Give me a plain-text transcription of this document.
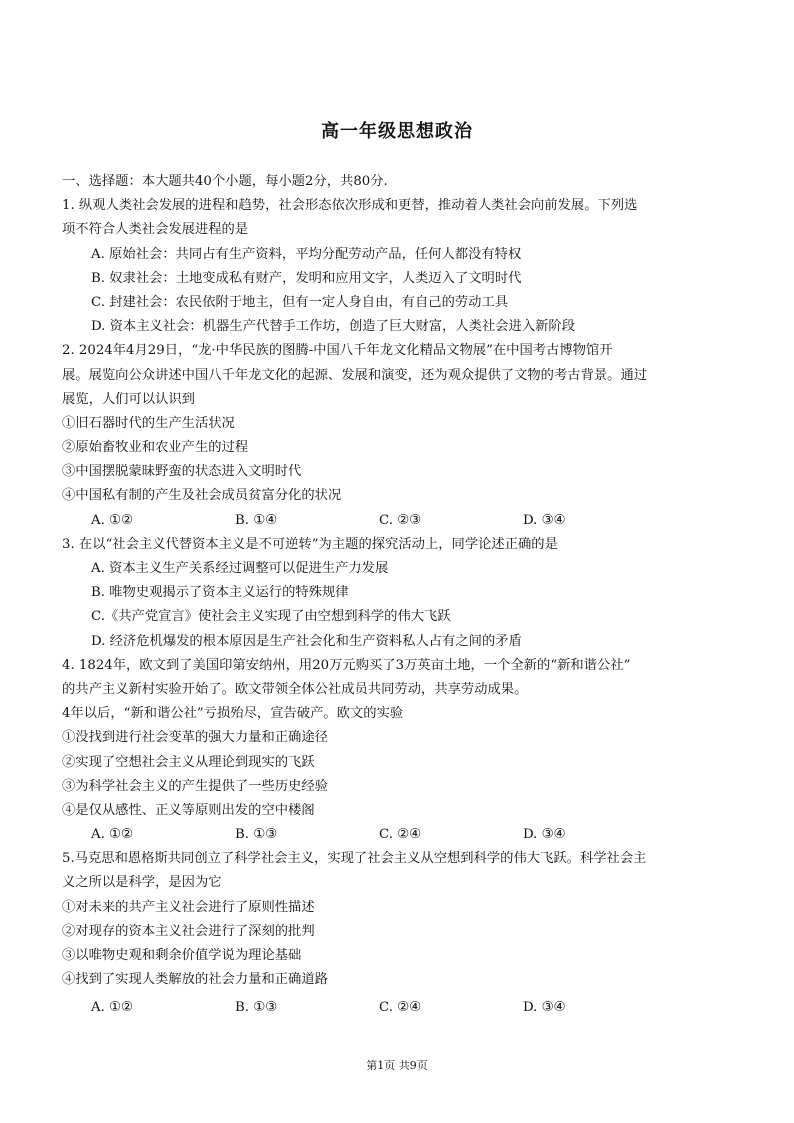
高一年级思想政治
一、选择题：本大题共40个小题，每小题2分，共80分.
1. 纵观人类社会发展的进程和趋势，社会形态依次形成和更替，推动着人类社会向前发展。下列选
项不符合人类社会发展进程的是
A. 原始社会：共同占有生产资料，平均分配劳动产品，任何人都没有特权
B. 奴隶社会：土地变成私有财产，发明和应用文字，人类迈入了文明时代
C. 封建社会：农民依附于地主，但有一定人身自由，有自己的劳动工具
D. 资本主义社会：机器生产代替手工作坊，创造了巨大财富，人类社会进入新阶段
2. 2024年4月29日，“龙·中华民族的图腾-中国八千年龙文化精品文物展”在中国考古博物馆开
展。展览向公众讲述中国八千年龙文化的起源、发展和演变，还为观众提供了文物的考古背景。通过
展览，人们可以认识到
①旧石器时代的生产生活状况
②原始畜牧业和农业产生的过程
③中国摆脱蒙昧野蛮的状态进入文明时代
④中国私有制的产生及社会成员贫富分化的状况
A. ①②	B. ①④	C. ②③	D. ③④
3. 在以“社会主义代替资本主义是不可逆转”为主题的探究活动上，同学论述正确的是
A. 资本主义生产关系经过调整可以促进生产力发展
B. 唯物史观揭示了资本主义运行的特殊规律
C.《共产党宣言》使社会主义实现了由空想到科学的伟大飞跃
D. 经济危机爆发的根本原因是生产社会化和生产资料私人占有之间的矛盾
4. 1824年，欧文到了美国印第安纳州，用20万元购买了3万英亩土地，一个全新的“新和谐公社”
的共产主义新村实验开始了。欧文带领全体公社成员共同劳动，共享劳动成果。
4年以后，“新和谐公社”亏损殆尽，宣告破产。欧文的实验
①没找到进行社会变革的强大力量和正确途径
②实现了空想社会主义从理论到现实的飞跃
③为科学社会主义的产生提供了一些历史经验
④是仅从感性、正义等原则出发的空中楼阁
A. ①②	B. ①③	C. ②④	D. ③④
5.马克思和恩格斯共同创立了科学社会主义，实现了社会主义从空想到科学的伟大飞跃。科学社会主
义之所以是科学，是因为它
①对未来的共产主义社会进行了原则性描述
②对现存的资本主义社会进行了深刻的批判
③以唯物史观和剩余价值学说为理论基础
④找到了实现人类解放的社会力量和正确道路
A. ①②	B. ①③	C. ②④	D. ③④
第1页 共9页
